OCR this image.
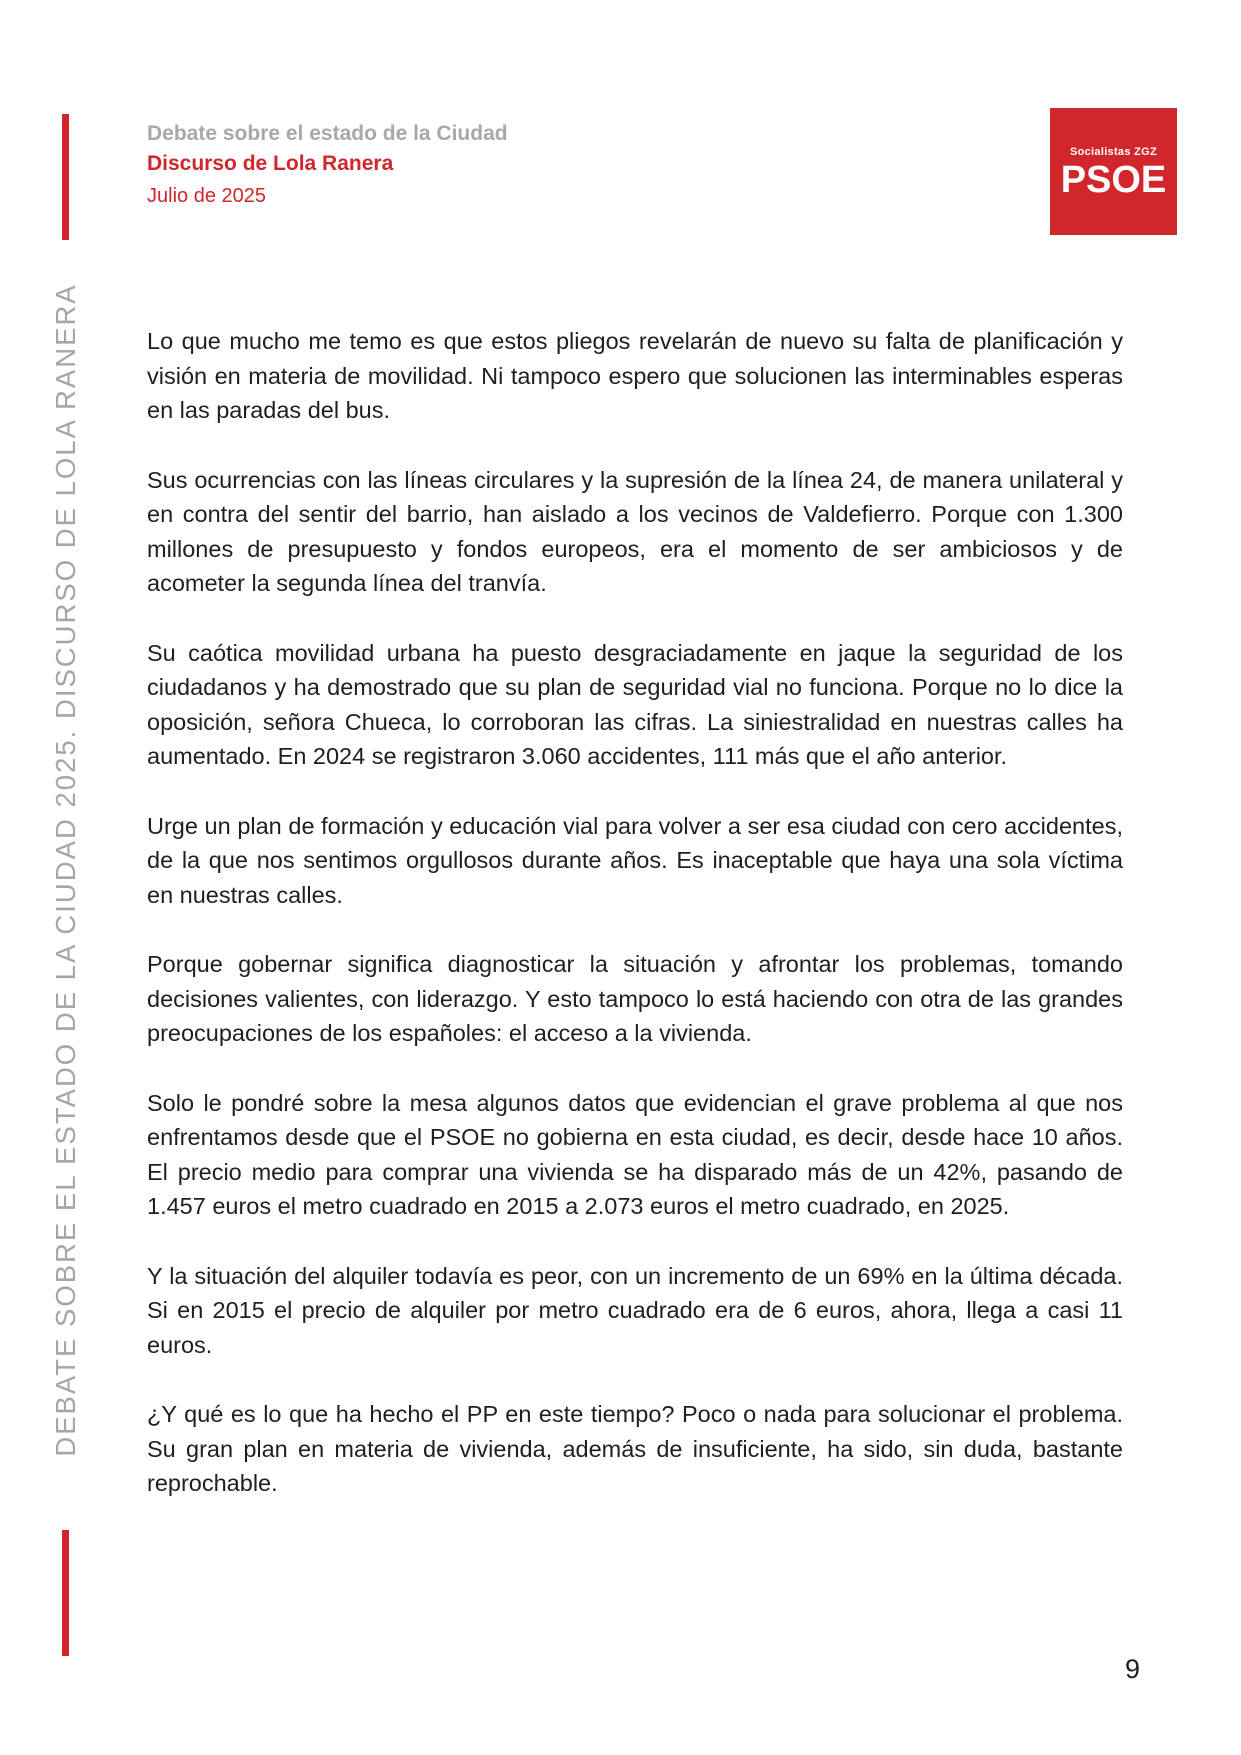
DEBATE SOBRE EL ESTADO DE LA CIUDAD 2025. DISCURSO DE LOLA RANERA
Debate sobre el estado de la Ciudad
Discurso de Lola Ranera
Julio de 2025
Socialistas ZGZ
PSOE

Lo que mucho me temo es que estos pliegos revelarán de nuevo su falta de planificación y visión en materia de movilidad. Ni tampoco espero que solucionen las interminables esperas en las paradas del bus.

Sus ocurrencias con las líneas circulares y la supresión de la línea 24, de manera unilateral y en contra del sentir del barrio, han aislado a los vecinos de Valdefierro. Porque con 1.300 millones de presupuesto y fondos europeos, era el momento de ser ambiciosos y de acometer la segunda línea del tranvía.

Su caótica movilidad urbana ha puesto desgraciadamente en jaque la seguridad de los ciudadanos y ha demostrado que su plan de seguridad vial no funciona. Porque no lo dice la oposición, señora Chueca, lo corroboran las cifras. La siniestralidad en nuestras calles ha aumentado. En 2024 se registraron 3.060 accidentes, 111 más que el año anterior.

Urge un plan de formación y educación vial para volver a ser esa ciudad con cero accidentes, de la que nos sentimos orgullosos durante años. Es inaceptable que haya una sola víctima en nuestras calles.

Porque gobernar significa diagnosticar la situación y afrontar los problemas, tomando decisiones valientes, con liderazgo. Y esto tampoco lo está haciendo con otra de las grandes preocupaciones de los españoles: el acceso a la vivienda.

Solo le pondré sobre la mesa algunos datos que evidencian el grave problema al que nos enfrentamos desde que el PSOE no gobierna en esta ciudad, es decir, desde hace 10 años. El precio medio para comprar una vivienda se ha disparado más de un 42%, pasando de 1.457 euros el metro cuadrado en 2015 a 2.073 euros el metro cuadrado, en 2025.

Y la situación del alquiler todavía es peor, con un incremento de un 69% en la última década. Si en 2015 el precio de alquiler por metro cuadrado era de 6 euros, ahora, llega a casi 11 euros.

¿Y qué es lo que ha hecho el PP en este tiempo? Poco o nada para solucionar el problema. Su gran plan en materia de vivienda, además de insuficiente, ha sido, sin duda, bastante reprochable.

9
